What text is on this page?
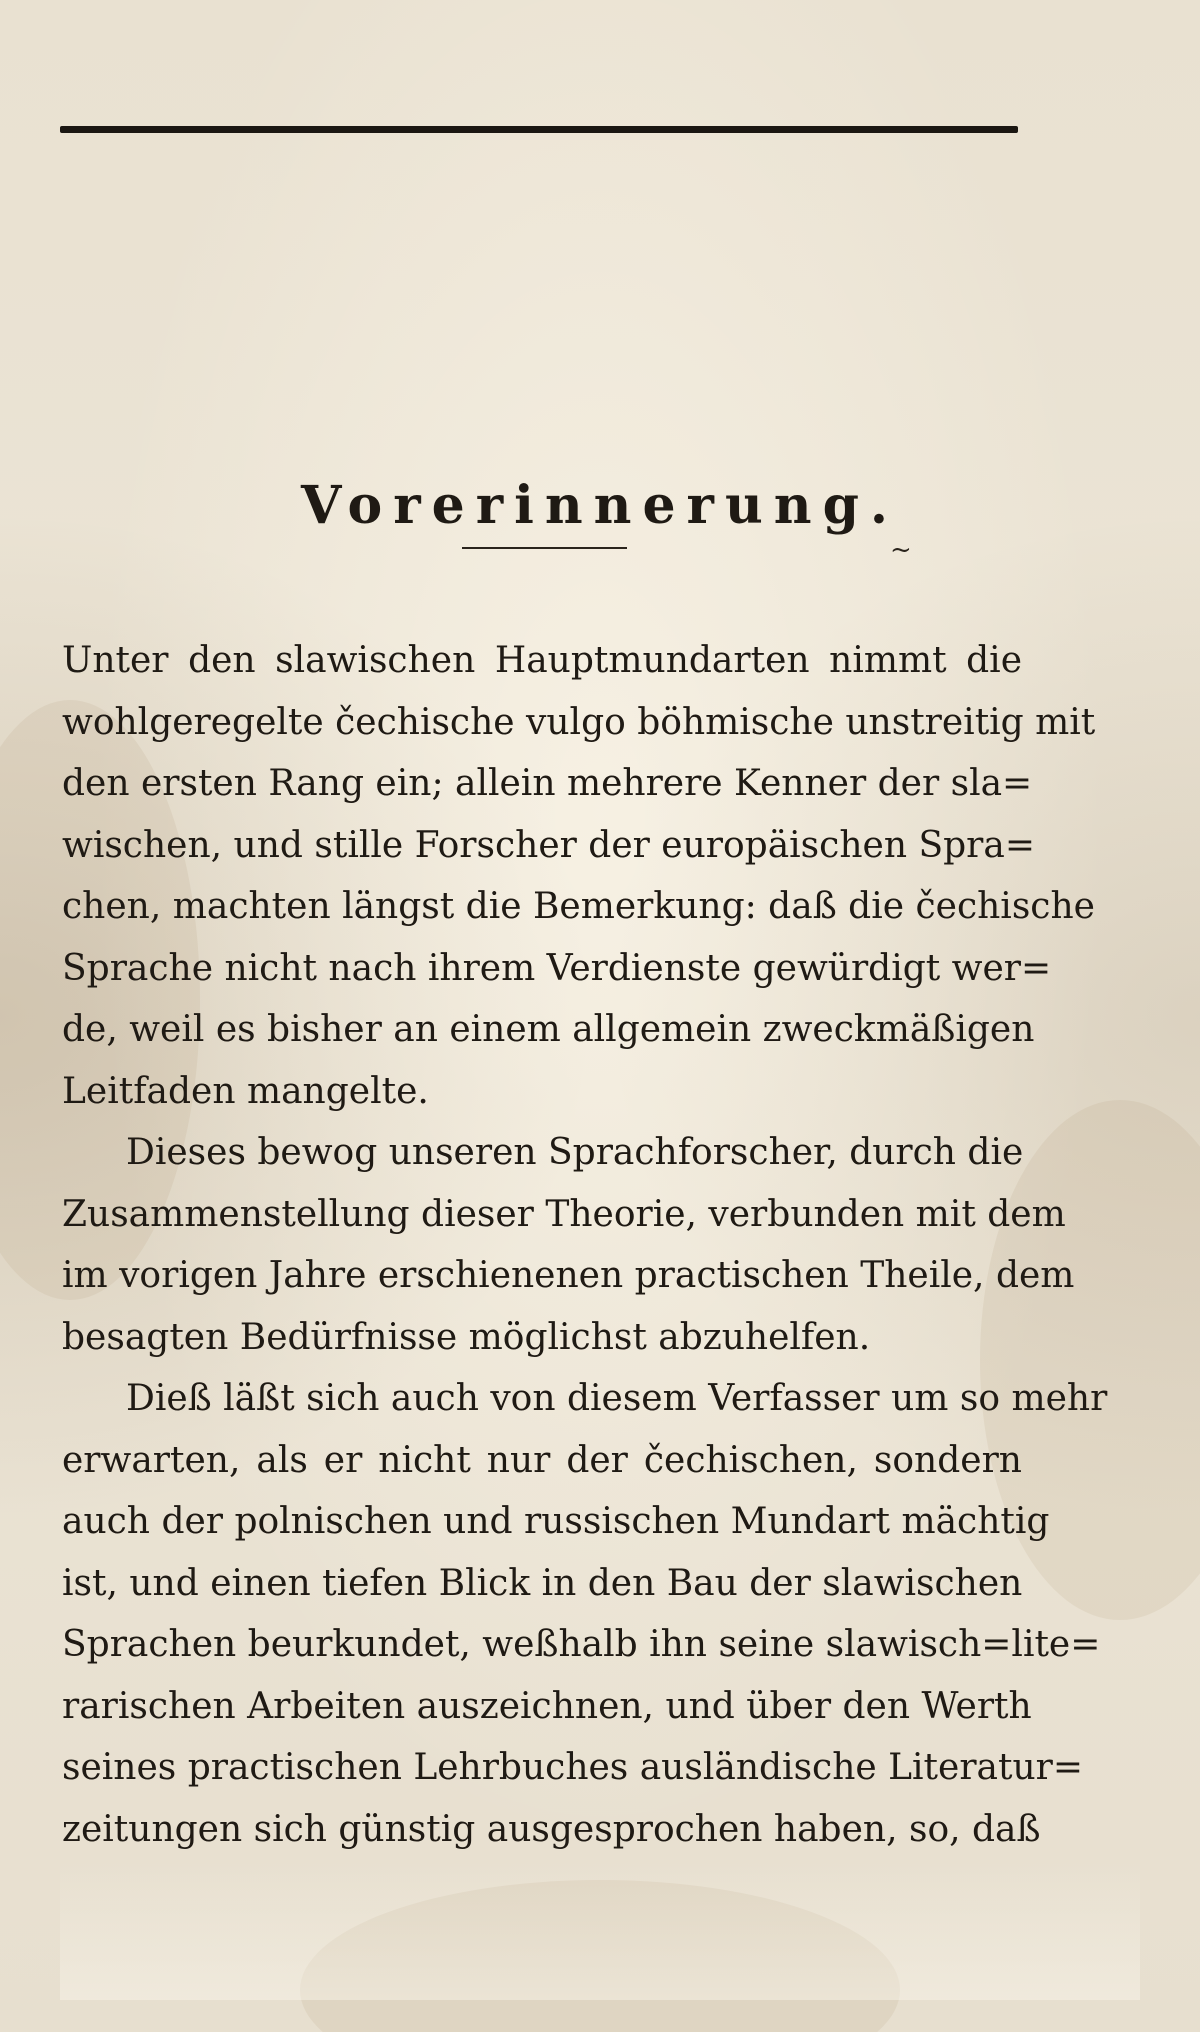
Vorerinnerung.
~

Unter den slawischen Hauptmundarten nimmt die
wohlgeregelte čechische vulgo böhmische unstreitig mit
den ersten Rang ein; allein mehrere Kenner der sla=
wischen, und stille Forscher der europäischen Spra=
chen, machten längst die Bemerkung: daß die čechische
Sprache nicht nach ihrem Verdienste gewürdigt wer=
de, weil es bisher an einem allgemein zweckmäßigen
Leitfaden mangelte.

Dieses bewog unseren Sprachforscher, durch die
Zusammenstellung dieser Theorie, verbunden mit dem
im vorigen Jahre erschienenen practischen Theile, dem
besagten Bedürfnisse möglichst abzuhelfen.

Dieß läßt sich auch von diesem Verfasser um so mehr
erwarten, als er nicht nur der čechischen, sondern
auch der polnischen und russischen Mundart mächtig
ist, und einen tiefen Blick in den Bau der slawischen
Sprachen beurkundet, weßhalb ihn seine slawisch=lite=
rarischen Arbeiten auszeichnen, und über den Werth
seines practischen Lehrbuches ausländische Literatur=
zeitungen sich günstig ausgesprochen haben, so, daß
